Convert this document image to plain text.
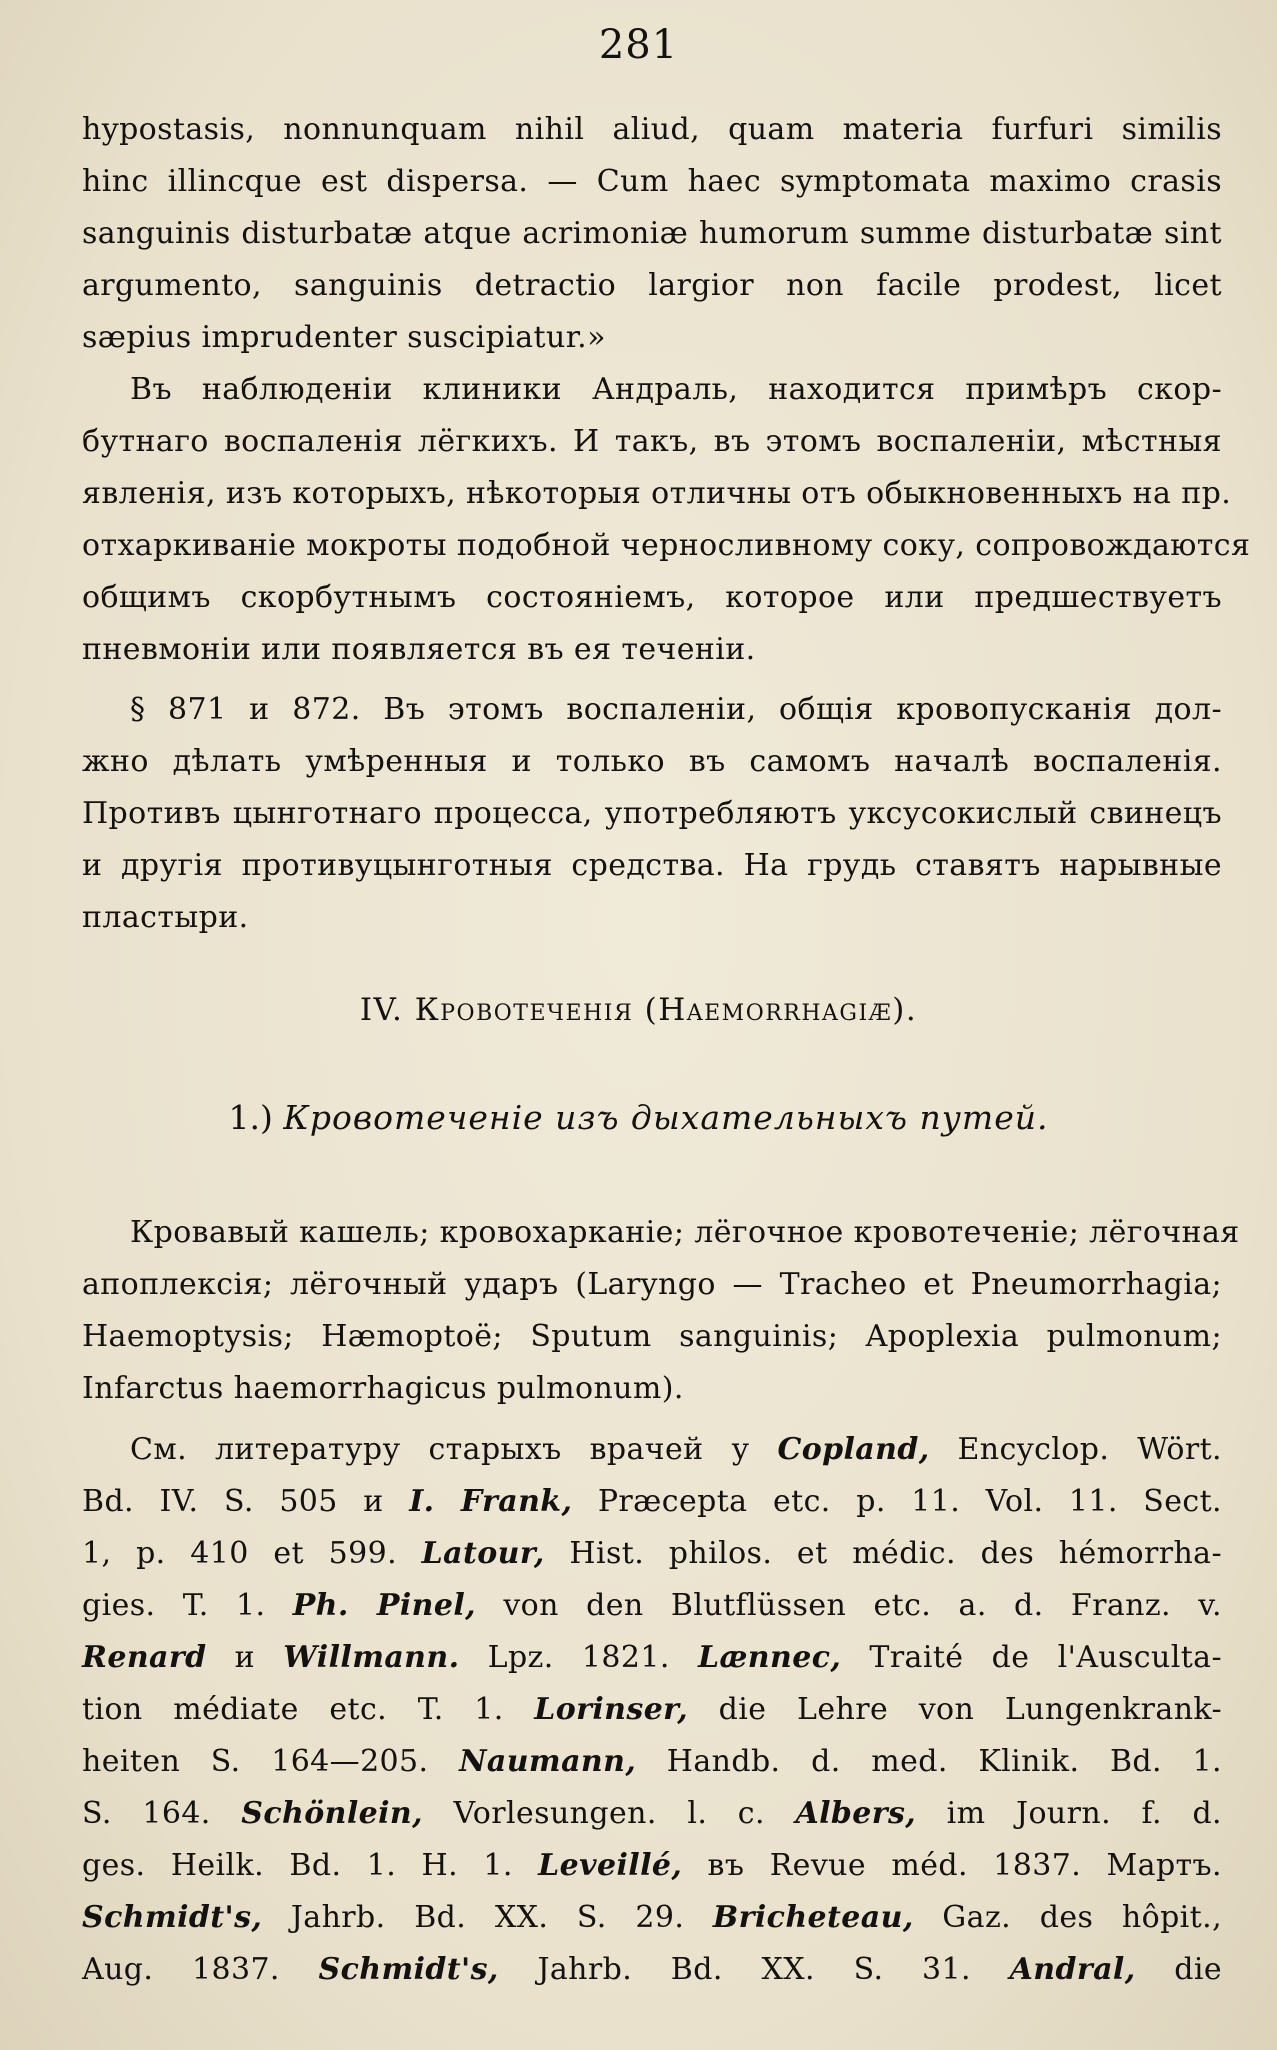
281
hypostasis, nonnunquam nihil aliud, quam materia furfuri similis
hinc illincque est dispersa. — Cum haec symptomata maximo crasis
sanguinis disturbatæ atque acrimoniæ humorum summe disturbatæ sint
argumento, sanguinis detractio largior non facile prodest, licet
sæpius imprudenter suscipiatur.»
Въ наблюденіи клиники Андраль, находится примѣръ скор-
бутнаго воспаленія лёгкихъ. И такъ, въ этомъ воспаленіи, мѣстныя
явленія, изъ которыхъ, нѣкоторыя отличны отъ обыкновенныхъ на пр.
отхаркиваніе мокроты подобной черносливному соку, сопровождаются
общимъ скорбутнымъ состояніемъ, которое или предшествуетъ
пневмоніи или появляется въ ея теченіи.
§ 871 и 872. Въ этомъ воспаленіи, общія кровопусканія дол-
жно дѣлать умѣренныя и только въ самомъ началѣ воспаленія.
Противъ цынготнаго процесса, употребляютъ уксусокислый свинецъ
и другія противуцынготныя средства. На грудь ставятъ нарывные
пластыри.
IV. Кровотеченія (Haemorrhagiæ).
1.) Кровотеченіе изъ дыхательныхъ путей.
Кровавый кашель; кровохарканіе; лёгочное кровотеченіе; лёгочная
апоплексія; лёгочный ударъ (Laryngo — Tracheo et Pneumorrhagia;
Haemoptysis; Hæmoptoë; Sputum sanguinis; Apoplexia pulmonum;
Infarctus haemorrhagicus pulmonum).
См. литературу старыхъ врачей у Copland, Encyclop. Wört.
Bd. IV. S. 505 и I. Frank, Præcepta etc. p. 11. Vol. 11. Sect.
1, p. 410 et 599. Latour, Hist. philos. et médic. des hémorrha-
gies. T. 1. Ph. Pinel, von den Blutflüssen etc. a. d. Franz. v.
Renard и Willmann. Lpz. 1821. Lænnec, Traité de l'Ausculta-
tion médiate etc. T. 1. Lorinser, die Lehre von Lungenkrank-
heiten S. 164—205. Naumann, Handb. d. med. Klinik. Bd. 1.
S. 164. Schönlein, Vorlesungen. l. c. Albers, im Journ. f. d.
ges. Heilk. Bd. 1. H. 1. Leveillé, въ Revue méd. 1837. Мартъ.
Schmidt's, Jahrb. Bd. XX. S. 29. Bricheteau, Gaz. des hôpit.,
Aug. 1837. Schmidt's, Jahrb. Bd. XX. S. 31. Andral, die
